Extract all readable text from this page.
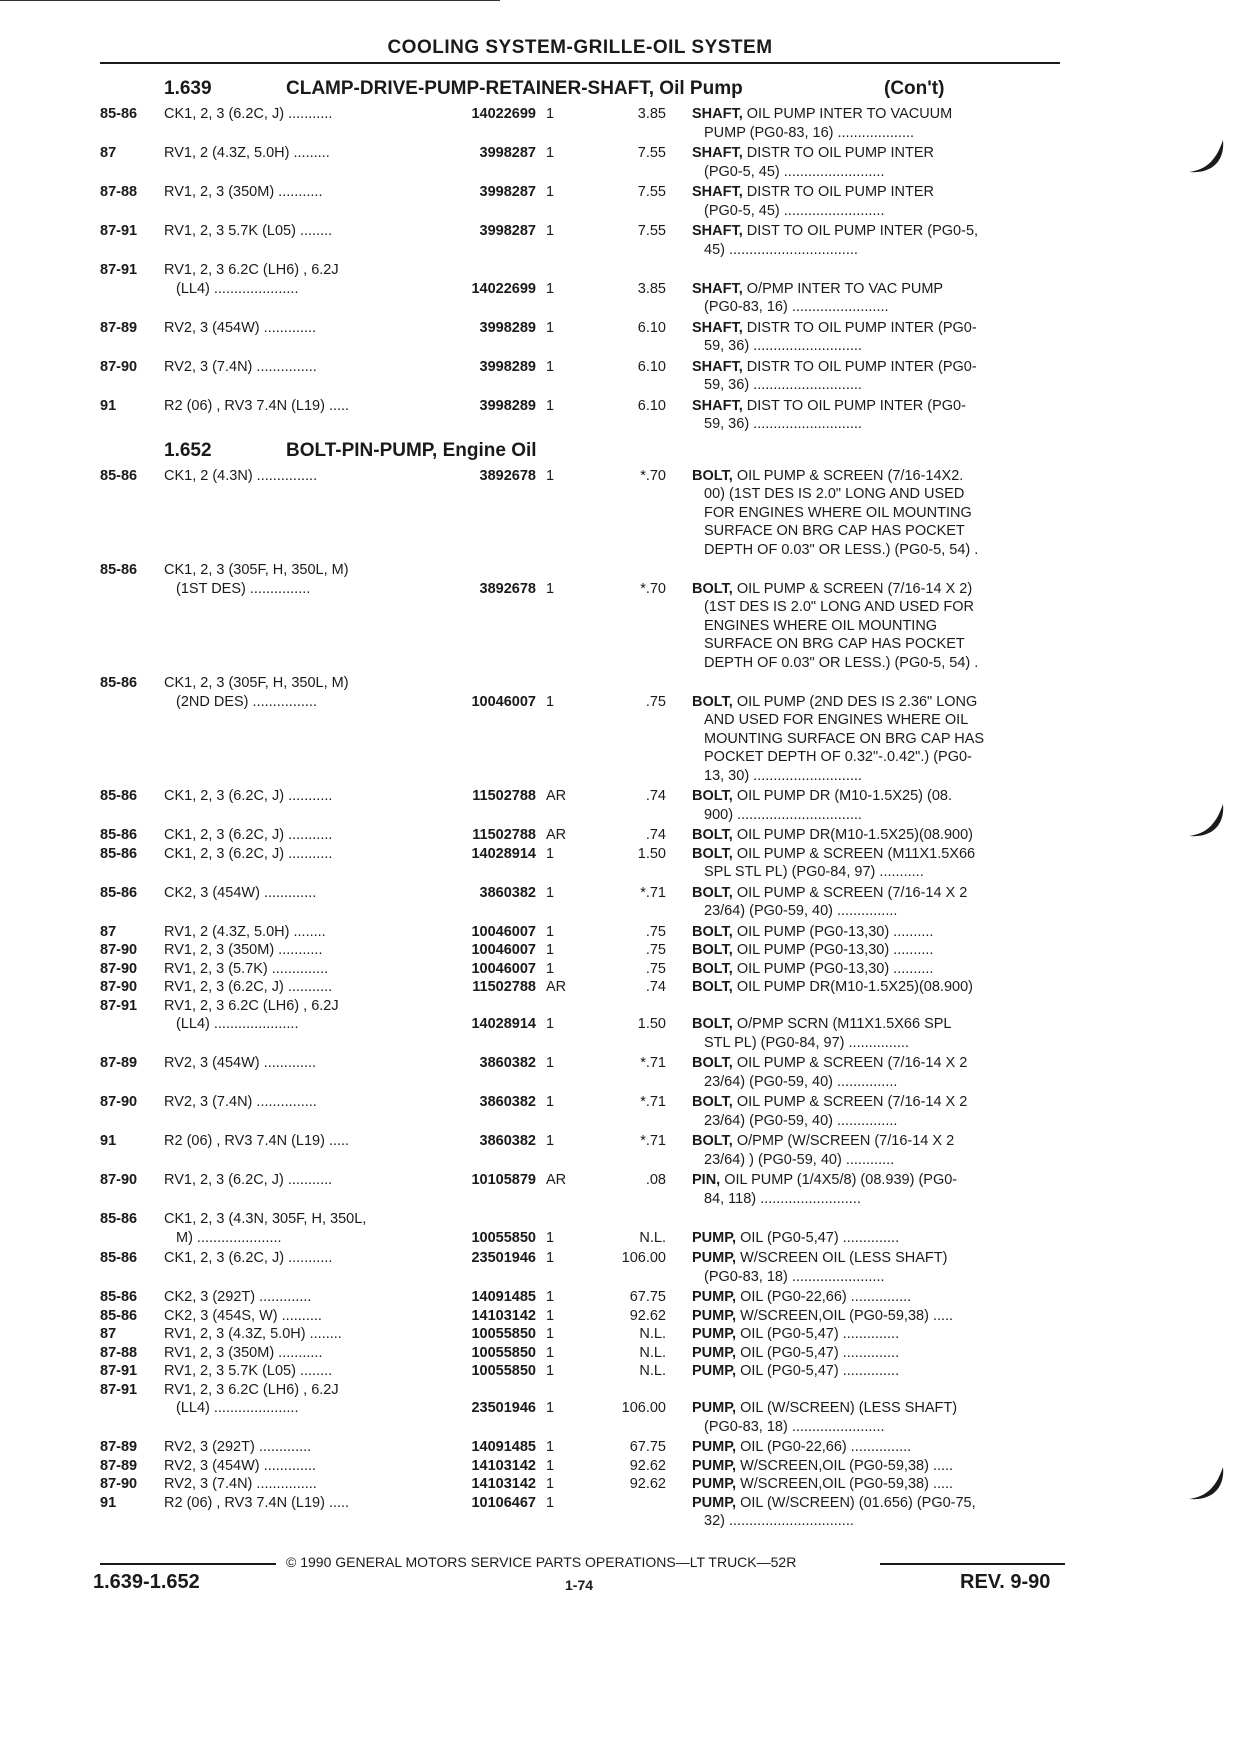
COOLING SYSTEM-GRILLE-OIL SYSTEM
1.639	CLAMP-DRIVE-PUMP-RETAINER-SHAFT, Oil Pump	(Con't)
85-86	CK1, 2, 3 (6.2C, J) ...........	14022699 1	3.85 SHAFT, OIL PUMP INTER TO VACUUM
PUMP (PG0-83, 16) ...................
87	RV1, 2 (4.3Z, 5.0H) .........	3998287 1	7.55 SHAFT, DISTR TO OIL PUMP INTER
(PG0-5, 45) .........................
87-88	RV1, 2, 3 (350M) ...........	3998287 1	7.55 SHAFT, DISTR TO OIL PUMP INTER
(PG0-5, 45) .........................
87-91	RV1, 2, 3 5.7K (L05) ........	3998287 1	7.55 SHAFT, DIST TO OIL PUMP INTER (PG0-5,
45) ................................
87-91	RV1, 2, 3 6.2C (LH6) , 6.2J
(LL4) .....................	14022699 1	3.85 SHAFT, O/PMP INTER TO VAC PUMP
(PG0-83, 16) ........................
87-89	RV2, 3 (454W) .............	3998289 1	6.10 SHAFT, DISTR TO OIL PUMP INTER (PG0-
59, 36) ...........................
87-90	RV2, 3 (7.4N) ...............	3998289 1	6.10 SHAFT, DISTR TO OIL PUMP INTER (PG0-
59, 36) ...........................
91	R2 (06) , RV3 7.4N (L19) .....	3998289 1	6.10 SHAFT, DIST TO OIL PUMP INTER (PG0-
59, 36) ...........................
1.652	BOLT-PIN-PUMP, Engine Oil
85-86	CK1, 2 (4.3N) ...............	3892678 1	*.70 BOLT, OIL PUMP & SCREEN (7/16-14X2.
00) (1ST DES IS 2.0" LONG AND USED
FOR ENGINES WHERE OIL MOUNTING
SURFACE ON BRG CAP HAS POCKET
DEPTH OF 0.03" OR LESS.) (PG0-5, 54) .
85-86	CK1, 2, 3 (305F, H, 350L, M)
(1ST DES) ...............	3892678 1	*.70 BOLT, OIL PUMP & SCREEN (7/16-14 X 2)
(1ST DES IS 2.0" LONG AND USED FOR
ENGINES WHERE OIL MOUNTING
SURFACE ON BRG CAP HAS POCKET
DEPTH OF 0.03" OR LESS.) (PG0-5, 54) .
85-86	CK1, 2, 3 (305F, H, 350L, M)
(2ND DES) ................	10046007 1	.75 BOLT, OIL PUMP (2ND DES IS 2.36" LONG
AND USED FOR ENGINES WHERE OIL
MOUNTING SURFACE ON BRG CAP HAS
POCKET DEPTH OF 0.32"-.0.42".) (PG0-
13, 30) ...........................
85-86	CK1, 2, 3 (6.2C, J) ...........	11502788 AR	.74 BOLT, OIL PUMP DR (M10-1.5X25) (08.
900) ...............................
85-86	CK1, 2, 3 (6.2C, J) ...........	11502788 AR	.74 BOLT, OIL PUMP DR(M10-1.5X25)(08.900)
85-86	CK1, 2, 3 (6.2C, J) ...........	14028914 1	1.50 BOLT, OIL PUMP & SCREEN (M11X1.5X66
SPL STL PL) (PG0-84, 97) ...........
85-86	CK2, 3 (454W) .............	3860382 1	*.71 BOLT, OIL PUMP & SCREEN (7/16-14 X 2
23/64) (PG0-59, 40) ...............
87	RV1, 2 (4.3Z, 5.0H) ........	10046007 1	.75 BOLT, OIL PUMP (PG0-13,30) ..........
87-90	RV1, 2, 3 (350M) ...........	10046007 1	.75 BOLT, OIL PUMP (PG0-13,30) ..........
87-90	RV1, 2, 3 (5.7K) ..............	10046007 1	.75 BOLT, OIL PUMP (PG0-13,30) ..........
87-90	RV1, 2, 3 (6.2C, J) ...........	11502788 AR	.74 BOLT, OIL PUMP DR(M10-1.5X25)(08.900)
87-91	RV1, 2, 3 6.2C (LH6) , 6.2J
(LL4) .....................	14028914 1	1.50 BOLT, O/PMP SCRN (M11X1.5X66 SPL
STL PL) (PG0-84, 97) ...............
87-89	RV2, 3 (454W) .............	3860382 1	*.71 BOLT, OIL PUMP & SCREEN (7/16-14 X 2
23/64) (PG0-59, 40) ...............
87-90	RV2, 3 (7.4N) ...............	3860382 1	*.71 BOLT, OIL PUMP & SCREEN (7/16-14 X 2
23/64) (PG0-59, 40) ...............
91	R2 (06) , RV3 7.4N (L19) .....	3860382 1	*.71 BOLT, O/PMP (W/SCREEN (7/16-14 X 2
23/64) ) (PG0-59, 40) ............
87-90	RV1, 2, 3 (6.2C, J) ...........	10105879 AR	.08 PIN, OIL PUMP (1/4X5/8) (08.939) (PG0-
84, 118) .........................
85-86	CK1, 2, 3 (4.3N, 305F, H, 350L,
M) .....................	10055850 1	N.L. PUMP, OIL (PG0-5,47) ..............
85-86	CK1, 2, 3 (6.2C, J) ...........	23501946 1	106.00 PUMP, W/SCREEN OIL (LESS SHAFT)
(PG0-83, 18) .......................
85-86	CK2, 3 (292T) .............	14091485 1	67.75 PUMP, OIL (PG0-22,66) ...............
85-86	CK2, 3 (454S, W) ..........	14103142 1	92.62 PUMP, W/SCREEN,OIL (PG0-59,38) .....
87	RV1, 2, 3 (4.3Z, 5.0H) ........	10055850 1	N.L. PUMP, OIL (PG0-5,47) ..............
87-88	RV1, 2, 3 (350M) ...........	10055850 1	N.L. PUMP, OIL (PG0-5,47) ..............
87-91	RV1, 2, 3 5.7K (L05) ........	10055850 1	N.L. PUMP, OIL (PG0-5,47) ..............
87-91	RV1, 2, 3 6.2C (LH6) , 6.2J
(LL4) .....................	23501946 1	106.00 PUMP, OIL (W/SCREEN) (LESS SHAFT)
(PG0-83, 18) .......................
87-89	RV2, 3 (292T) .............	14091485 1	67.75 PUMP, OIL (PG0-22,66) ...............
87-89	RV2, 3 (454W) .............	14103142 1	92.62 PUMP, W/SCREEN,OIL (PG0-59,38) .....
87-90	RV2, 3 (7.4N) ...............	14103142 1	92.62 PUMP, W/SCREEN,OIL (PG0-59,38) .....
91	R2 (06) , RV3 7.4N (L19) .....	10106467 1	PUMP, OIL (W/SCREEN) (01.656) (PG0-75,
32) ...............................
© 1990 GENERAL MOTORS SERVICE PARTS OPERATIONS—LT TRUCK—52R
1.639-1.652	1-74	REV. 9-90
